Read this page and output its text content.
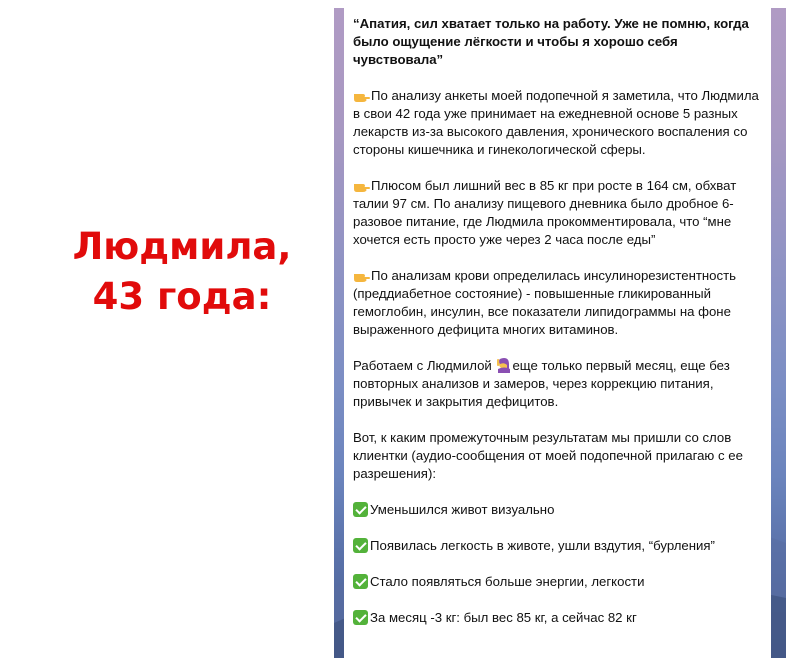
Людмила,
43 года:

“Апатия, сил хватает только на работу. Уже не помню, когда было ощущение лёгкости и чтобы я хорошо себя чувствовала”

По анализу анкеты моей подопечной я заметила, что Людмила в свои 42 года уже принимает на ежедневной основе 5 разных лекарств из-за высокого давления, хронического воспаления со стороны кишечника и гинекологической сферы.

Плюсом был лишний вес в 85 кг при росте в 164 см, обхват талии 97 см. По анализу пищевого дневника было дробное 6-разовое питание, где Людмила прокомментировала, что “мне хочется есть просто уже через 2 часа после еды”

По анализам крови определилась инсулинорезистентность (преддиабетное состояние) - повышенные гликированный гемоглобин, инсулин, все показатели липидограммы на фоне выраженного дефицита многих витаминов.

Работаем с Людмилой еще только первый месяц, еще без повторных анализов и замеров, через коррекцию питания, привычек и закрытия дефицитов.

Вот, к каким промежуточным результатам мы пришли со слов клиентки (аудио-сообщения от моей подопечной прилагаю с ее разрешения):

Уменьшился живот визуально
Появилась легкость в животе, ушли вздутия, “бурления”
Стало появляться больше энергии, легкости
За месяц -3 кг: был вес 85 кг, а сейчас 82 кг
